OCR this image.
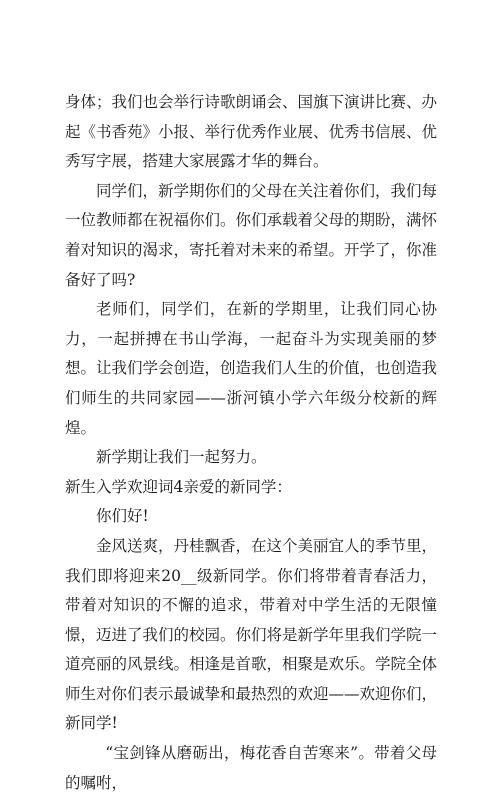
身体；我们也会举行诗歌朗诵会、国旗下演讲比赛、办起《书香苑》小报、举行优秀作业展、优秀书信展、优秀写字展，搭建大家展露才华的舞台。

同学们，新学期你们的父母在关注着你们，我们每一位教师都在祝福你们。你们承载着父母的期盼，满怀着对知识的渴求，寄托着对未来的希望。开学了，你准备好了吗?

老师们，同学们，在新的学期里，让我们同心协力，一起拼搏在书山学海，一起奋斗为实现美丽的梦想。让我们学会创造，创造我们人生的价值，也创造我们师生的共同家园——浙河镇小学六年级分校新的辉煌。

新学期让我们一起努力。

新生入学欢迎词4亲爱的新同学：

你们好!

金风送爽，丹桂飘香，在这个美丽宜人的季节里，我们即将迎来20__级新同学。你们将带着青春活力，带着对知识的不懈的追求，带着对中学生活的无限憧憬，迈进了我们的校园。你们将是新学年里我们学院一道亮丽的风景线。相逢是首歌，相聚是欢乐。学院全体师生对你们表示最诚挚和最热烈的欢迎——欢迎你们，新同学!

“宝剑锋从磨砺出，梅花香自苦寒来”。带着父母的嘱咐，
